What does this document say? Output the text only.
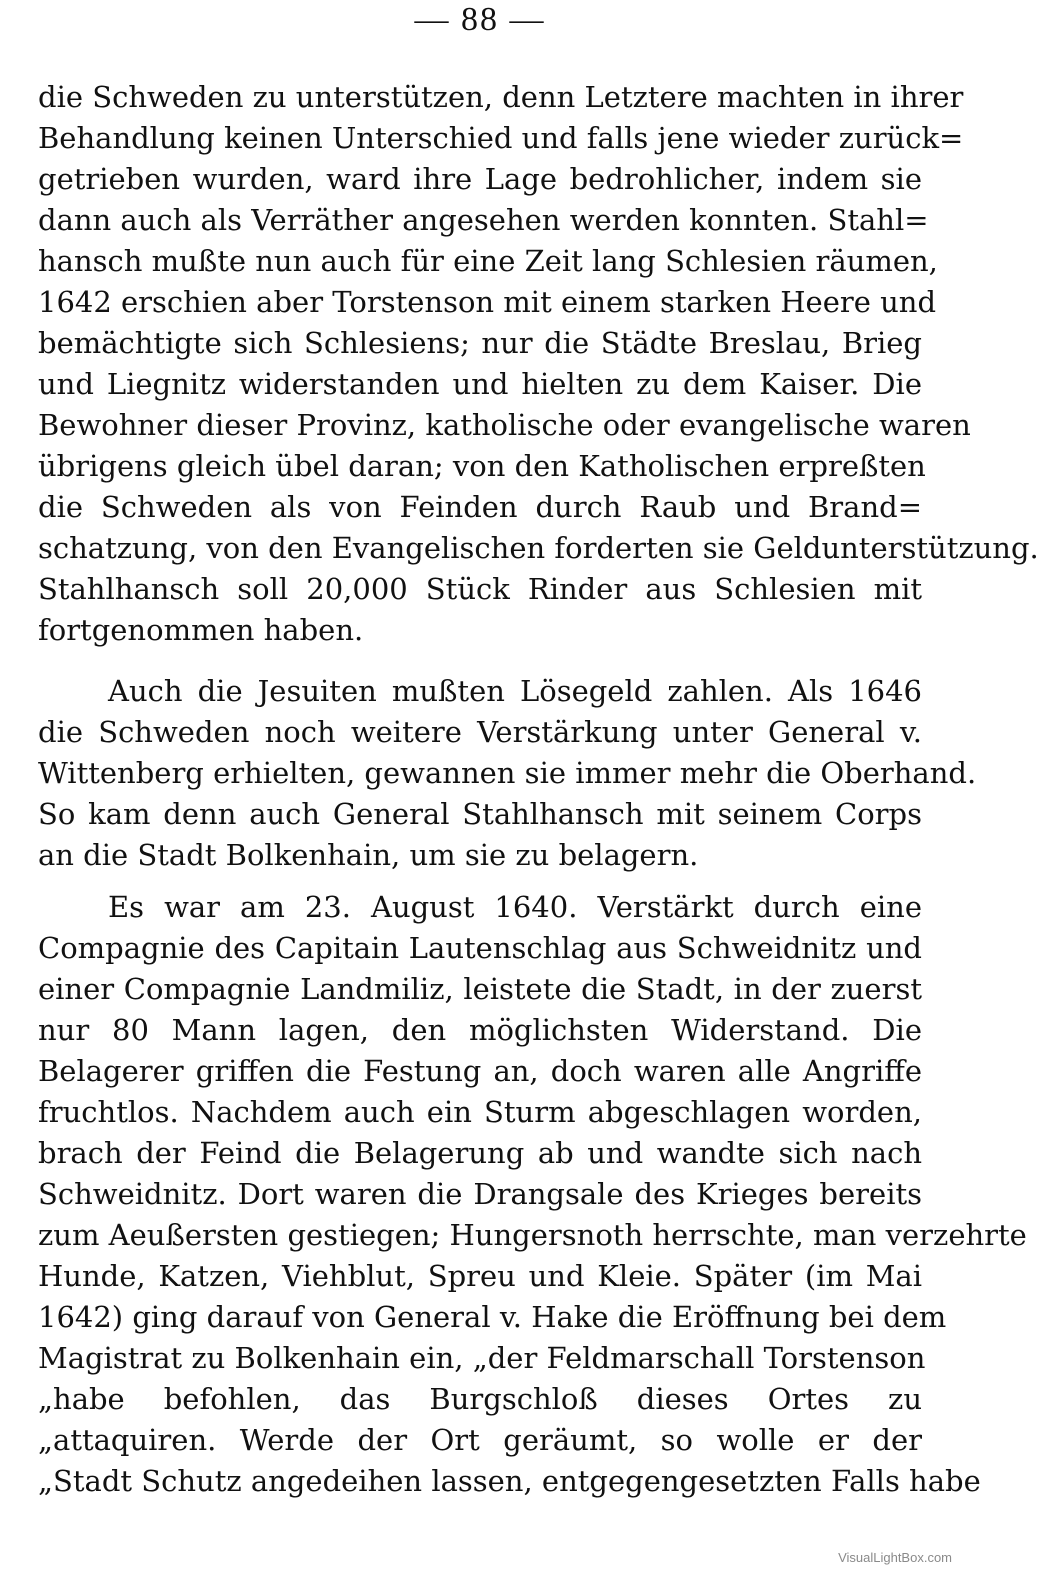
— 88 —
die Schweden zu unterstützen, denn Letztere machten in ihrer
Behandlung keinen Unterschied und falls jene wieder zurück=
getrieben wurden, ward ihre Lage bedrohlicher, indem sie
dann auch als Verräther angesehen werden konnten. Stahl=
hansch mußte nun auch für eine Zeit lang Schlesien räumen,
1642 erschien aber Torstenson mit einem starken Heere und
bemächtigte sich Schlesiens; nur die Städte Breslau, Brieg
und Liegnitz widerstanden und hielten zu dem Kaiser. Die
Bewohner dieser Provinz, katholische oder evangelische waren
übrigens gleich übel daran; von den Katholischen erpreßten
die Schweden als von Feinden durch Raub und Brand=
schatzung, von den Evangelischen forderten sie Geldunterstützung.
Stahlhansch soll 20,000 Stück Rinder aus Schlesien mit
fortgenommen haben.
Auch die Jesuiten mußten Lösegeld zahlen. Als 1646
die Schweden noch weitere Verstärkung unter General v.
Wittenberg erhielten, gewannen sie immer mehr die Oberhand.
So kam denn auch General Stahlhansch mit seinem Corps
an die Stadt Bolkenhain, um sie zu belagern.
Es war am 23. August 1640. Verstärkt durch eine
Compagnie des Capitain Lautenschlag aus Schweidnitz und
einer Compagnie Landmiliz, leistete die Stadt, in der zuerst
nur 80 Mann lagen, den möglichsten Widerstand. Die
Belagerer griffen die Festung an, doch waren alle Angriffe
fruchtlos. Nachdem auch ein Sturm abgeschlagen worden,
brach der Feind die Belagerung ab und wandte sich nach
Schweidnitz. Dort waren die Drangsale des Krieges bereits
zum Aeußersten gestiegen; Hungersnoth herrschte, man verzehrte
Hunde, Katzen, Viehblut, Spreu und Kleie. Später (im Mai
1642) ging darauf von General v. Hake die Eröffnung bei dem
Magistrat zu Bolkenhain ein, „der Feldmarschall Torstenson
„habe befohlen, das Burgschloß dieses Ortes zu
„attaquiren. Werde der Ort geräumt, so wolle er der
„Stadt Schutz angedeihen lassen, entgegengesetzten Falls habe
VisualLightBox.com
